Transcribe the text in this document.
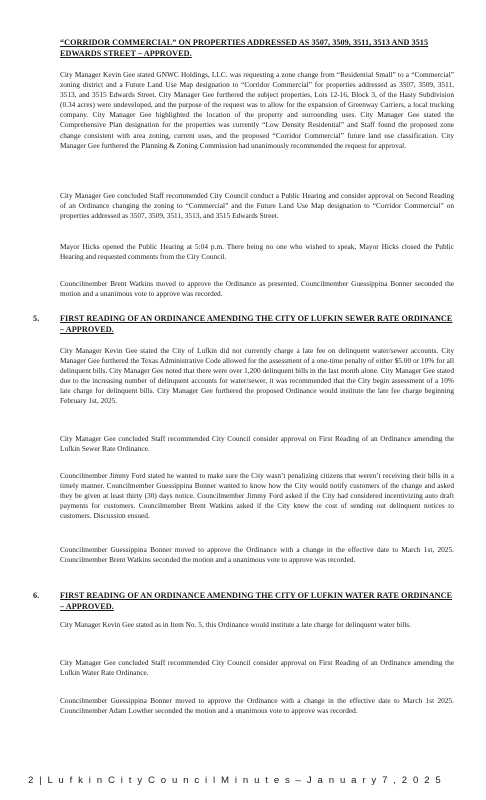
“CORRIDOR COMMERCIAL” ON PROPERTIES ADDRESSED AS 3507, 3509, 3511, 3513 AND 3515 EDWARDS STREET – APPROVED.
City Manager Kevin Gee stated GNWC Holdings, LLC. was requesting a zone change from “Residential Small” to a “Commercial” zoning district and a Future Land Use Map designation to “Corridor Commercial” for properties addressed as 3507, 3509, 3511, 3513, and 3515 Edwards Street. City Manager Gee furthered the subject properties, Lots 12-16, Block 3, of the Hasty Subdivision (0.34 acres) were undeveloped, and the purpose of the request was to allow for the expansion of Greenway Carriers, a local trucking company. City Manager Gee highlighted the location of the property and surrounding uses. City Manager Gee stated the Comprehensive Plan designation for the properties was currently “Low Density Residential” and Staff found the proposed zone change consistent with area zoning, current uses, and the proposed “Corridor Commercial” future land use classification. City Manager Gee furthered the Planning & Zoning Commission had unanimously recommended the request for approval.
City Manager Gee concluded Staff recommended City Council conduct a Public Hearing and consider approval on Second Reading of an Ordinance changing the zoning to “Commercial” and the Future Land Use Map designation to “Corridor Commercial” on properties addressed as 3507, 3509, 3511, 3513, and 3515 Edwards Street.
Mayor Hicks opened the Public Hearing at 5:04 p.m. There being no one who wished to speak, Mayor Hicks closed the Public Hearing and requested comments from the City Council.
Councilmember Brent Watkins moved to approve the Ordinance as presented. Councilmember Guessippina Bonner seconded the motion and a unanimous vote to approve was recorded.
5.	FIRST READING OF AN ORDINANCE AMENDING THE CITY OF LUFKIN SEWER RATE ORDINANCE – APPROVED.
City Manager Kevin Gee stated the City of Lufkin did not currently charge a late fee on delinquent water/sewer accounts. City Manager Gee furthered the Texas Administrative Code allowed for the assessment of a one-time penalty of either $5.00 or 10% for all delinquent bills. City Manager Gee noted that there were over 1,200 delinquent bills in the last month alone. City Manager Gee stated due to the increasing number of delinquent accounts for water/sewer, it was recommended that the City begin assessment of a 10% late charge for delinquent bills. City Manager Gee furthered the proposed Ordinance would institute the late fee charge beginning February 1st, 2025.
City Manager Gee concluded Staff recommended City Council consider approval on First Reading of an Ordinance amending the Lufkin Sewer Rate Ordinance.
Councilmember Jimmy Ford stated he wanted to make sure the City wasn’t penalizing citizens that weren’t receiving their bills in a timely manner. Councilmember Guessippina Bonner wanted to know how the City would notify customers of the change and asked they be given at least thirty (30) days notice. Councilmember Jimmy Ford asked if the City had considered incentivizing auto draft payments for customers. Councilmember Brent Watkins asked if the City knew the cost of sending out delinquent notices to customers. Discussion ensued.
Councilmember Guessippina Bonner moved to approve the Ordinance with a change in the effective date to March 1st, 2025. Councilmember Brent Watkins seconded the motion and a unanimous vote to approve was recorded.
6.	FIRST READING OF AN ORDINANCE AMENDING THE CITY OF LUFKIN WATER RATE ORDINANCE – APPROVED.
City Manager Kevin Gee stated as in Item No. 5, this Ordinance would institute a late charge for delinquent water bills.
City Manager Gee concluded Staff recommended City Council consider approval on First Reading of an Ordinance amending the Lufkin Water Rate Ordinance.
Councilmember Guessippina Bonner moved to approve the Ordinance with a change in the effective date to March 1st 2025. Councilmember Adam Lowther seconded the motion and a unanimous vote to approve was recorded.
2 | L u f k i n C i t y C o u n c i l M i n u t e s – J a n u a r y 7 , 2 0 2 5
